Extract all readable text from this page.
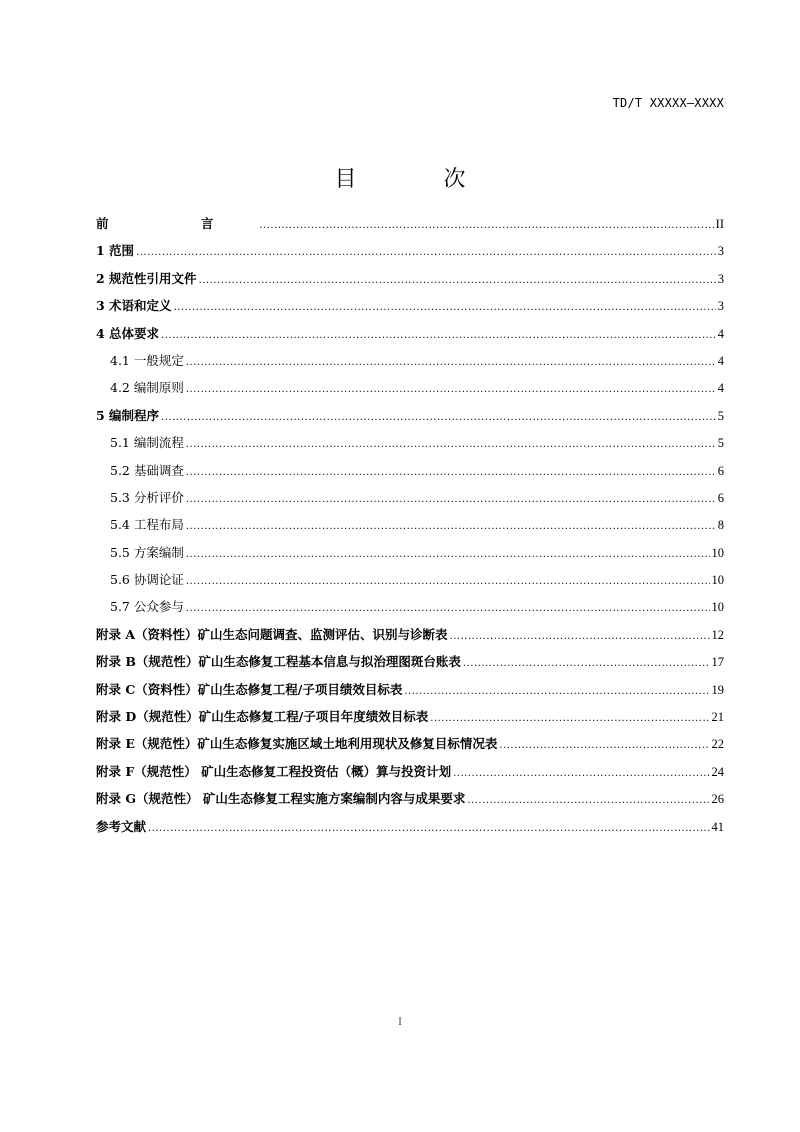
TD/T XXXXX—XXXX
目 次
前 言 .....	II
1 范围 .....	3
2 规范性引用文件 .....	3
3 术语和定义 .....	3
4 总体要求 .....	4
4.1 一般规定 .....	4
4.2 编制原则 .....	4
5 编制程序 .....	5
5.1 编制流程 .....	5
5.2 基础调查 .....	6
5.3 分析评价 .....	6
5.4 工程布局 .....	8
5.5 方案编制 .....	10
5.6 协调论证 .....	10
5.7 公众参与 .....	10
附录 A（资料性）矿山生态问题调查、监测评估、识别与诊断表 .....	12
附录 B（规范性）矿山生态修复工程基本信息与拟治理图斑台账表 .....	17
附录 C（资料性）矿山生态修复工程/子项目绩效目标表 .....	19
附录 D（规范性）矿山生态修复工程/子项目年度绩效目标表 .....	21
附录 E（规范性）矿山生态修复实施区域土地利用现状及修复目标情况表 .....	22
附录 F（规范性） 矿山生态修复工程投资估（概）算与投资计划 .....	24
附录 G（规范性） 矿山生态修复工程实施方案编制内容与成果要求 .....	26
参考文献 .....	41
I
